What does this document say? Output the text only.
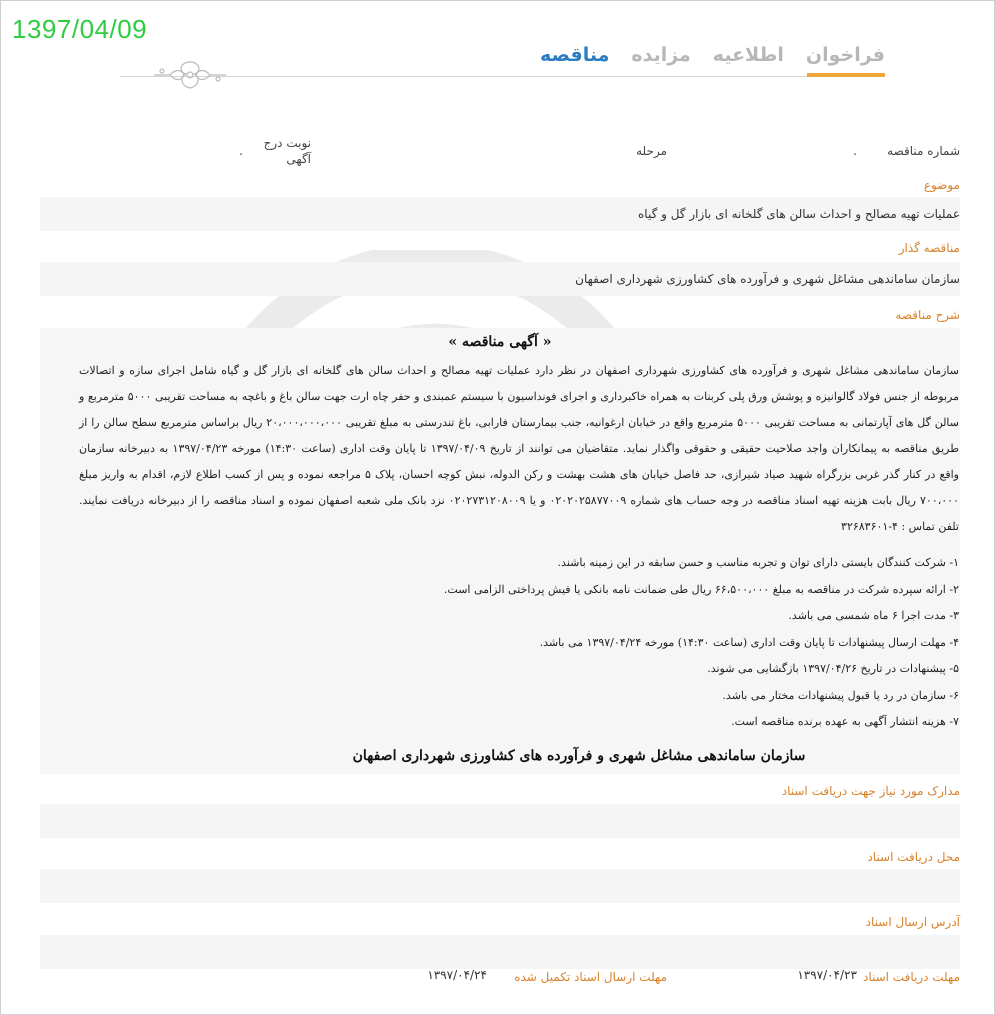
1397/04/09
مناقصه مزایده اطلاعیه فراخوان
شماره مناقصه
.
مرحله
نوبت درج
آگهی
.
موضوع
عملیات تهیه مصالح و احداث سالن های گلخانه ای بازار گل و گیاه
مناقصه گذار
سازمان ساماندهی مشاغل شهری و فرآورده های کشاورزی شهرداری اصفهان
شرح مناقصه
« آگهی مناقصه »
سازمان ساماندهی مشاغل شهری و فرآورده های کشاورزی شهرداری اصفهان در نظر دارد عملیات تهیه مصالح و احداث سالن های گلخانه ای بازار گل و گیاه شامل اجرای سازه و اتصالات مربوطه از جنس فولاد گالوانیزه و پوشش ورق پلی کربنات به همراه خاکبرداری و اجرای فونداسیون با سیستم عمبندی و حفر چاه ارت جهت سالن باغ و باغچه به مساحت تقریبی ۵۰۰۰ مترمربع و سالن گل های آپارتمانی به مساحت تقریبی ۵۰۰۰ مترمربع واقع در خیابان ارغوانیه، جنب بیمارستان فارابی، باغ تندرستی به مبلغ تقریبی ۲۰،۰۰۰،۰۰۰،۰۰۰ ریال براساس مترمربع سطح سالن را از طریق مناقصه به پیمانکاران واجد صلاحیت حقیقی و حقوقی واگذار نماید. متقاضیان می توانند از تاریخ ۱۳۹۷/۰۴/۰۹ تا پایان وقت اداری (ساعت ۱۴:۳۰) مورخه ۱۳۹۷/۰۴/۲۳ به دبیرخانه سازمان واقع در کنار گذر غربی بزرگراه شهید صیاد شیرازی، حد فاصل خیابان های هشت بهشت و رکن الدوله، نبش کوچه احسان، پلاک ۵ مراجعه نموده و پس از کسب اطلاع لازم، اقدام به واریز مبلغ ۷۰۰،۰۰۰ ریال بابت هزینه تهیه اسناد مناقصه در وجه حساب های شماره ۰۲۰۲۰۲۵۸۷۷۰۰۹ و یا ۰۲۰۲۷۳۱۲۰۸۰۰۹ نزد بانک ملی شعبه اصفهان نموده و اسناد مناقصه را از دبیرخانه دریافت نمایند. تلفن تماس : ۴-۳۲۶۸۳۶۰۱
۱- شرکت کنندگان بایستی دارای توان و تجربه مناسب و حسن سابقه در این زمینه باشند.
۲- ارائه سپرده شرکت در مناقصه به مبلغ ۶۶،۵۰۰،۰۰۰ ریال طی ضمانت نامه بانکی یا فیش پرداختی الزامی است.
۳- مدت اجرا ۶ ماه شمسی می باشد.
۴- مهلت ارسال پیشنهادات تا پایان وقت اداری (ساعت ۱۴:۳۰) مورخه ۱۳۹۷/۰۴/۲۴ می باشد.
۵- پیشنهادات در تاریخ ۱۳۹۷/۰۴/۲۶ بازگشایی می شوند.
۶- سازمان در رد یا قبول پیشنهادات مختار می باشد.
۷- هزینه انتشار آگهی به عهده برنده مناقصه است.
سازمان ساماندهی مشاغل شهری و فرآورده های کشاورزی شهرداری اصفهان
مدارک مورد نیاز جهت دریافت اسناد
محل دریافت اسناد
آدرس ارسال اسناد
مهلت دریافت اسناد
۱۳۹۷/۰۴/۲۳
مهلت ارسال اسناد تکمیل شده
۱۳۹۷/۰۴/۲۴
